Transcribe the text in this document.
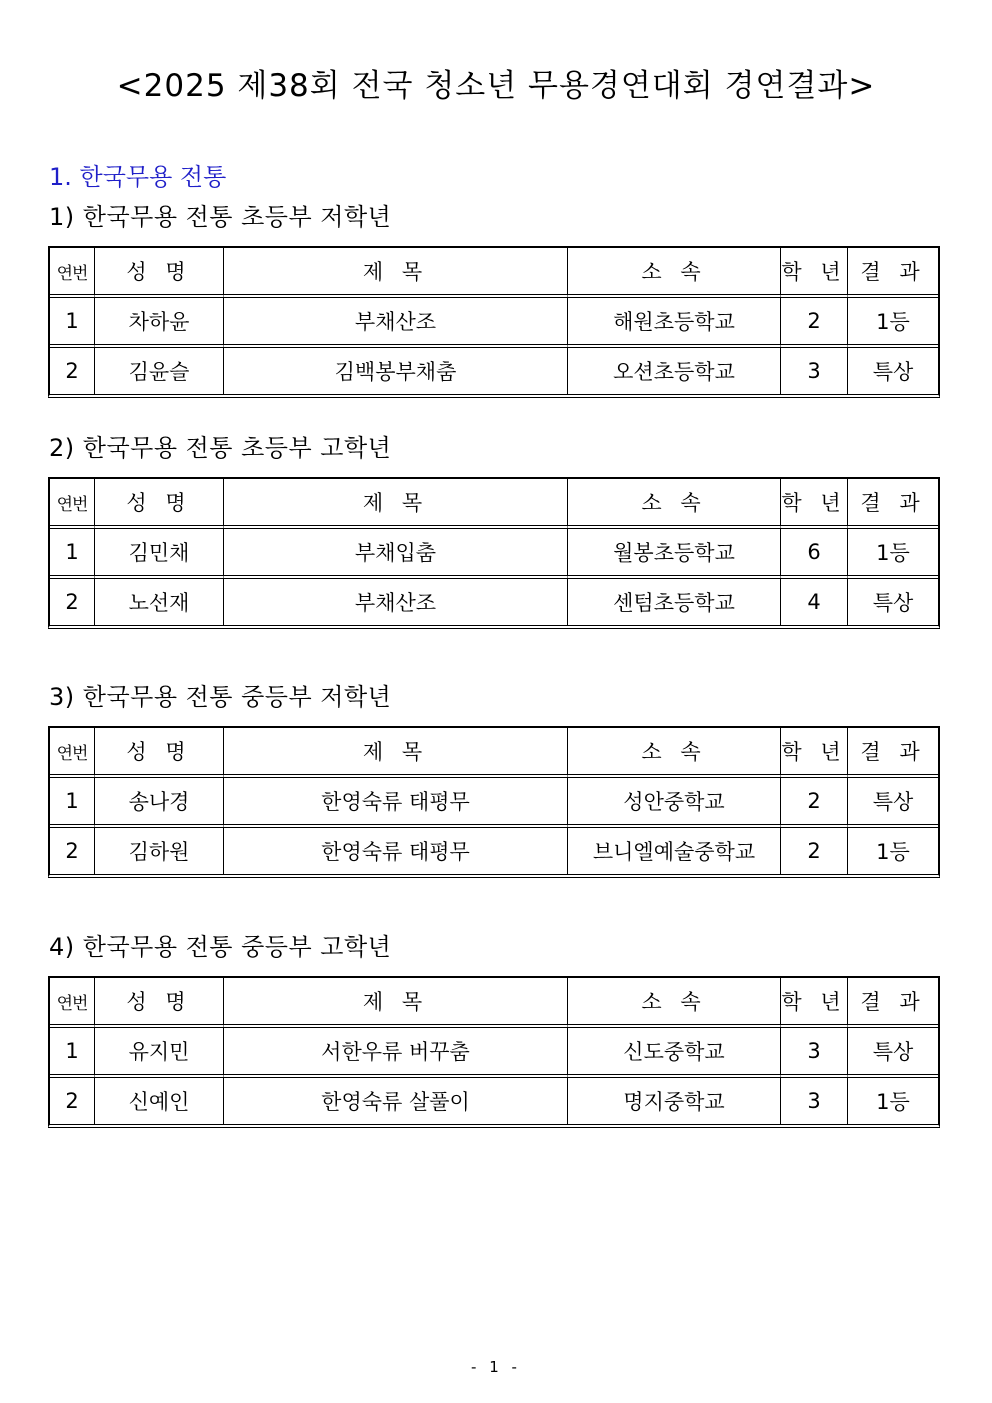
<2025 제38회 전국 청소년 무용경연대회 경연결과>
1. 한국무용 전통
1) 한국무용 전통 초등부 저학년
연번	성 명	제 목	소 속	학 년	결 과
1	차하윤	부채산조	해원초등학교	2	1등
2	김윤슬	김백봉부채춤	오션초등학교	3	특상
2) 한국무용 전통 초등부 고학년
연번	성 명	제 목	소 속	학 년	결 과
1	김민채	부채입춤	월봉초등학교	6	1등
2	노선재	부채산조	센텀초등학교	4	특상
3) 한국무용 전통 중등부 저학년
연번	성 명	제 목	소 속	학 년	결 과
1	송나경	한영숙류 태평무	성안중학교	2	특상
2	김하원	한영숙류 태평무	브니엘예술중학교	2	1등
4) 한국무용 전통 중등부 고학년
연번	성 명	제 목	소 속	학 년	결 과
1	유지민	서한우류 버꾸춤	신도중학교	3	특상
2	신예인	한영숙류 살풀이	명지중학교	3	1등
- 1 -
